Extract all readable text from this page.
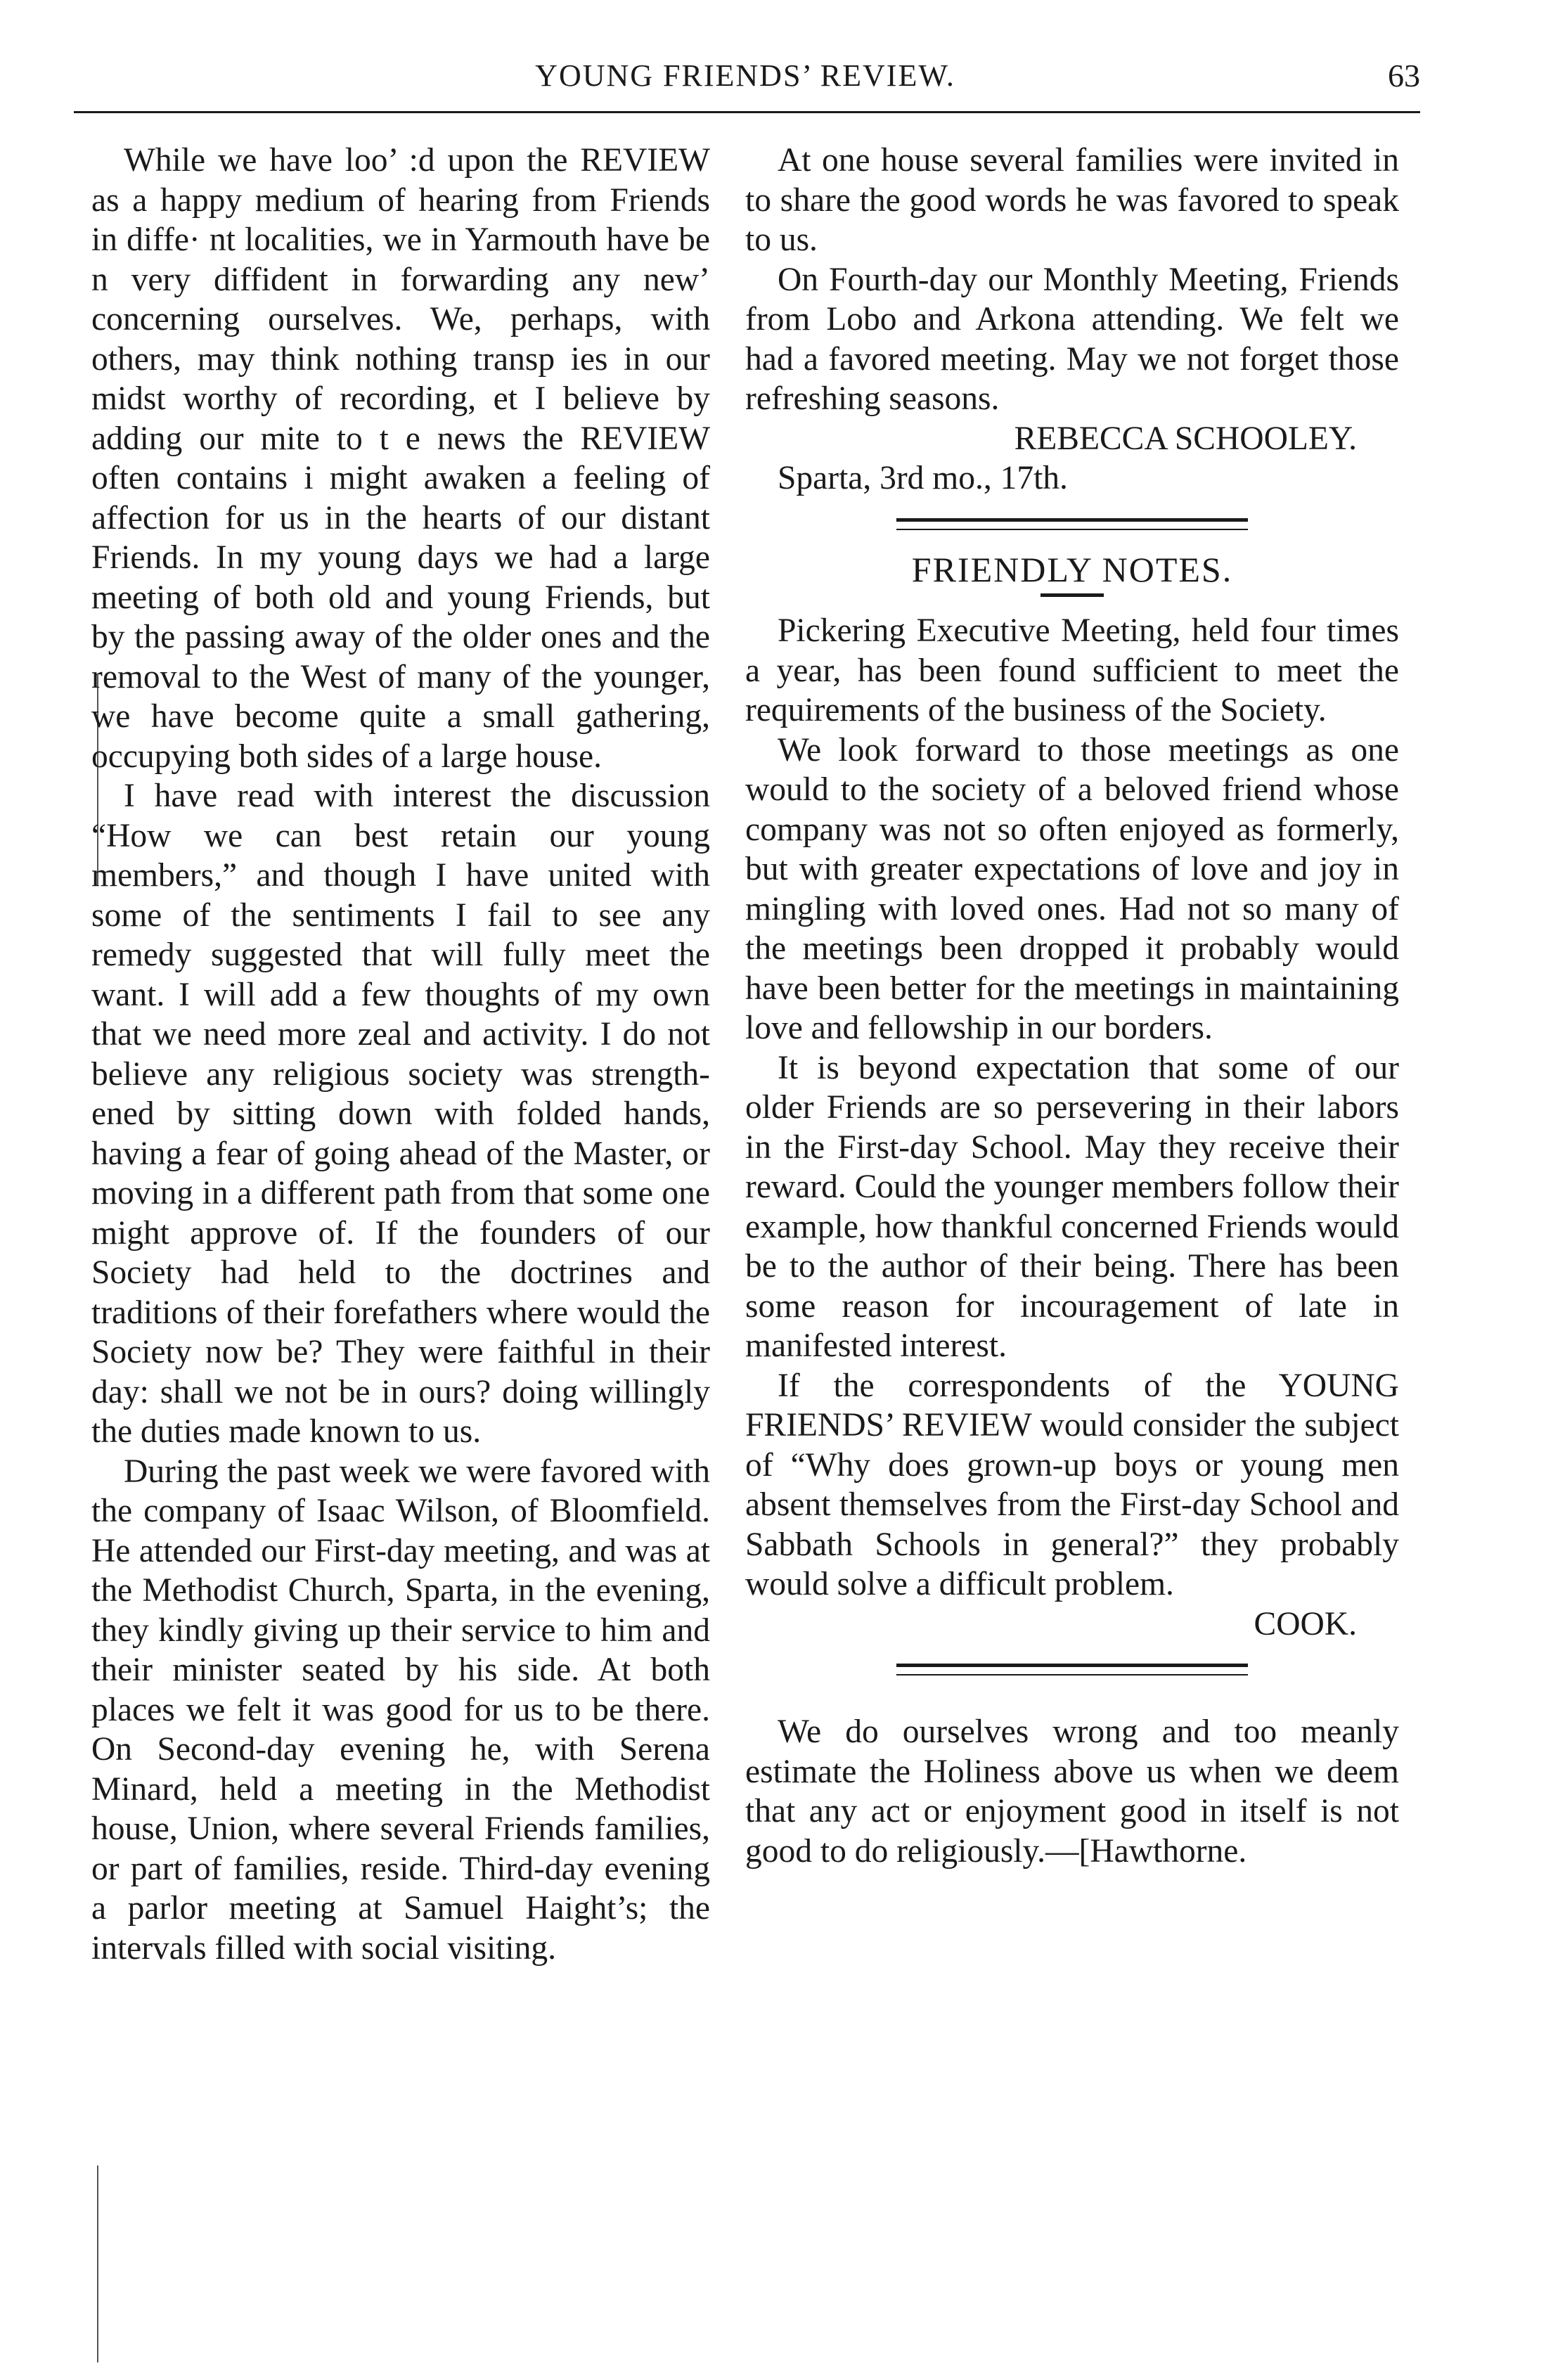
YOUNG FRIENDS’ REVIEW.	63

While we have loo’ :d upon the REVIEW as a happy medium of hearing from Friends in diffe· nt localities, we in Yarmouth have be n very diffident in forwarding any new’ concerning ourselves. We, perhaps, with others, may think nothing transp ies in our midst worthy of recording, et I believe by adding our mite to t e news the REVIEW often contains i might awaken a feeling of affection for us in the hearts of our distant Friends. In my young days we had a large meeting of both old and young Friends, but by the passing away of the older ones and the removal to the West of many of the younger, we have become quite a small gathering, occupying both sides of a large house.

I have read with interest the discussion “How we can best retain our young members,” and though I have united with some of the sentiments I fail to see any remedy suggested that will fully meet the want. I will add a few thoughts of my own that we need more zeal and activity. I do not believe any religious society was strengthened by sitting down with folded hands, having a fear of going ahead of the Master, or moving in a different path from that some one might approve of. If the founders of our Society had held to the doctrines and traditions of their forefathers where would the Society now be? They were faithful in their day: shall we not be in ours? doing willingly the duties made known to us.

During the past week we were favored with the company of Isaac Wilson, of Bloomfield. He attended our First-day meeting, and was at the Methodist Church, Sparta, in the evening, they kindly giving up their service to him and their minister seated by his side. At both places we felt it was good for us to be there. On Second-day evening he, with Serena Minard, held a meeting in the Methodist house, Union, where several Friends families, or part of families, reside. Third-day evening a parlor meeting at Samuel Haight’s; the intervals filled with social visiting.

At one house several families were invited in to share the good words he was favored to speak to us.

On Fourth-day our Monthly Meeting, Friends from Lobo and Arkona attending. We felt we had a favored meeting. May we not forget those refreshing seasons.

REBECCA SCHOOLEY.

Sparta, 3rd mo., 17th.

FRIENDLY NOTES.

Pickering Executive Meeting, held four times a year, has been found sufficient to meet the requirements of the business of the Society.

We look forward to those meetings as one would to the society of a beloved friend whose company was not so often enjoyed as formerly, but with greater expectations of love and joy in mingling with loved ones. Had not so many of the meetings been dropped it probably would have been better for the meetings in maintaining love and fellowship in our borders.

It is beyond expectation that some of our older Friends are so persevering in their labors in the First-day School. May they receive their reward. Could the younger members follow their example, how thankful concerned Friends would be to the author of their being. There has been some reason for incouragement of late in manifested interest.

If the correspondents of the YOUNG FRIENDS’ REVIEW would consider the subject of “Why does grown-up boys or young men absent themselves from the First-day School and Sabbath Schools in general?” they probably would solve a difficult problem.

COOK.

We do ourselves wrong and too meanly estimate the Holiness above us when we deem that any act or enjoyment good in itself is not good to do religiously.—[Hawthorne.
